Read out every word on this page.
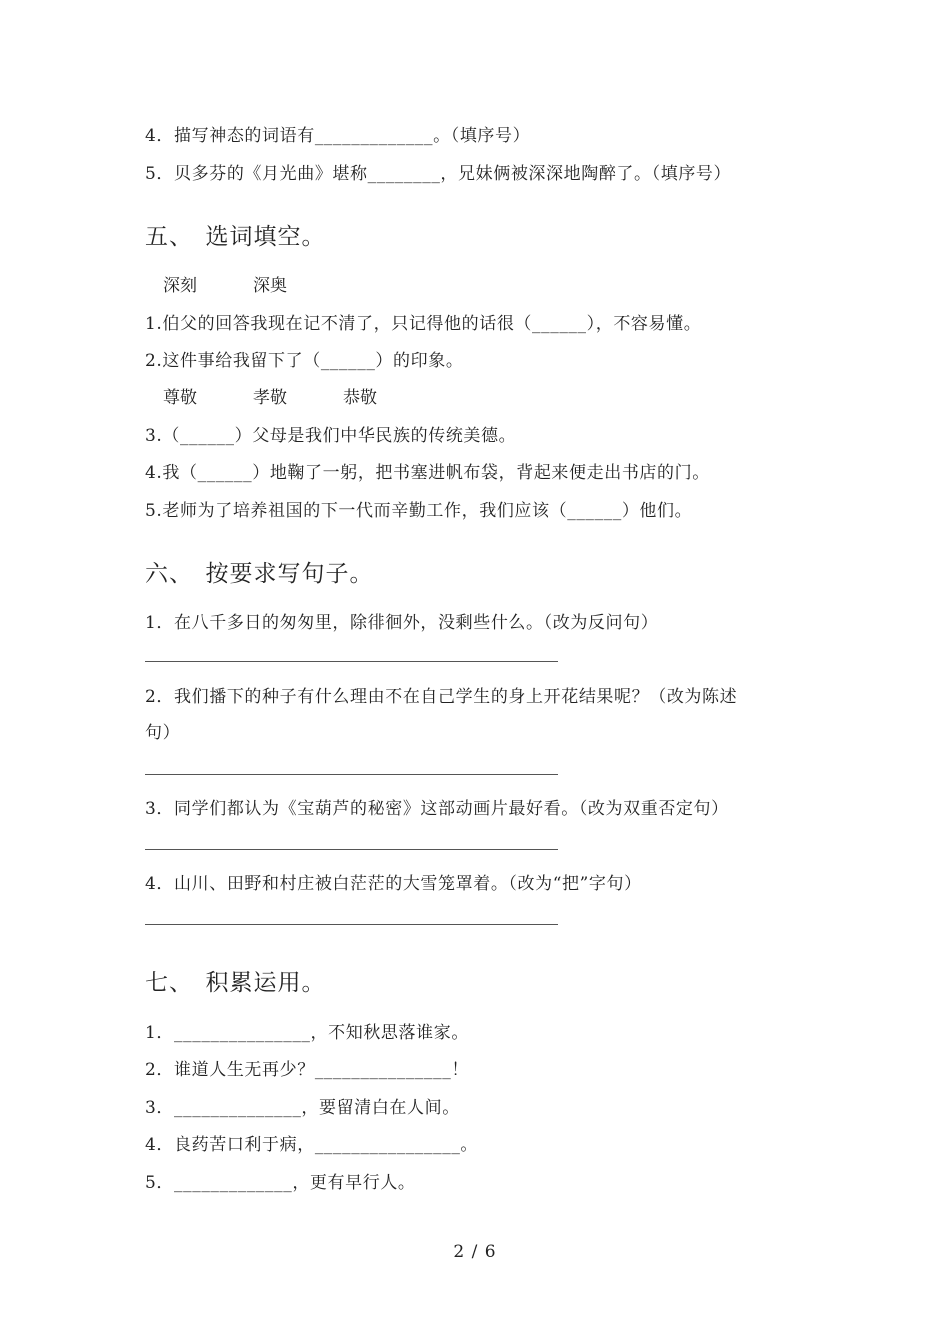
4．描写神态的词语有_____________。（填序号）
5．贝多芬的《月光曲》堪称________，兄妹俩被深深地陶醉了。（填序号）
五、　选词填空。
深刻	深奥
1.伯父的回答我现在记不清了，只记得他的话很（______），不容易懂。
2.这件事给我留下了（______）的印象。
尊敬	孝敬	恭敬
3.（______）父母是我们中华民族的传统美德。
4.我（______）地鞠了一躬，把书塞进帆布袋，背起来便走出书店的门。
5.老师为了培养祖国的下一代而辛勤工作，我们应该（______）他们。
六、　按要求写句子。
1．在八千多日的匆匆里，除徘徊外，没剩些什么。（改为反问句）
2．我们播下的种子有什么理由不在自己学生的身上开花结果呢？（改为陈述
句）
3．同学们都认为《宝葫芦的秘密》这部动画片最好看。（改为双重否定句）
4．山川、田野和村庄被白茫茫的大雪笼罩着。（改为“把”字句）
七、　积累运用。
1．_______________，不知秋思落谁家。
2．谁道人生无再少？_______________！
3．______________，要留清白在人间。
4．良药苦口利于病，________________。
5．_____________，更有早行人。
2 / 6
